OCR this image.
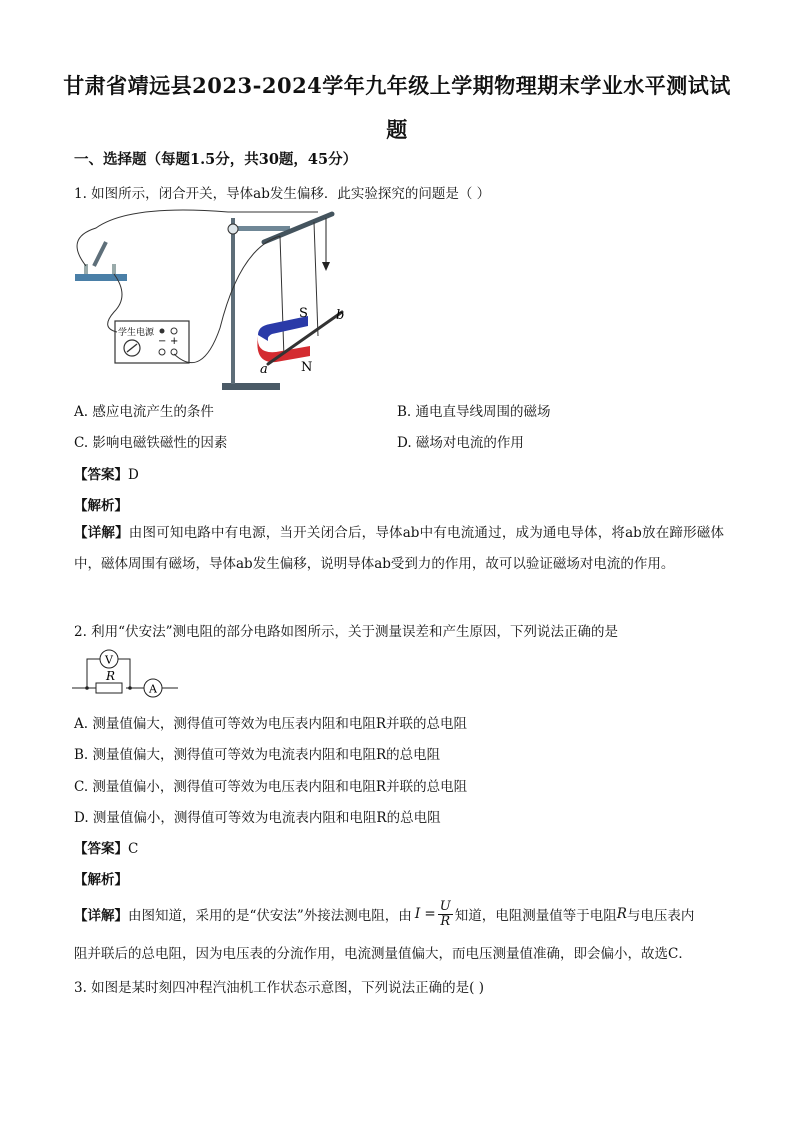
甘肃省靖远县2023-2024学年九年级上学期物理期末学业水平测试试题
一、选择题（每题1.5分，共30题，45分）
1. 如图所示，闭合开关，导体ab发生偏移．此实验探究的问题是（ ）
S
N
a
b
学生电源
− +
A. 感应电流产生的条件	B. 通电直导线周围的磁场
C. 影响电磁铁磁性的因素	D. 磁场对电流的作用
【答案】D
【解析】
【详解】由图可知电路中有电源，当开关闭合后，导体ab中有电流通过，成为通电导体，将ab放在蹄形磁体中，磁体周围有磁场，导体ab发生偏移，说明导体ab受到力的作用，故可以验证磁场对电流的作用。
2. 利用“伏安法”测电阻的部分电路如图所示，关于测量误差和产生原因，下列说法正确的是
V
R
A
A. 测量值偏大，测得值可等效为电压表内阻和电阻R并联的总电阻
B. 测量值偏大，测得值可等效为电流表内阻和电阻R的总电阻
C. 测量值偏小，测得值可等效为电压表内阻和电阻R并联的总电阻
D. 测量值偏小，测得值可等效为电流表内阻和电阻R的总电阻
【答案】C
【解析】
【详解】 由图知道，采用的是“伏安法”外接法测电阻，由 $I = \frac{U}{R}$ 知道，电阻测量值等于电阻 R 与电压表内
阻并联后的总电阻，因为电压表的分流作用，电流测量值偏大，而电压测量值准确，即会偏小，故选C．
3. 如图是某时刻四冲程汽油机工作状态示意图，下列说法正确的是( )
